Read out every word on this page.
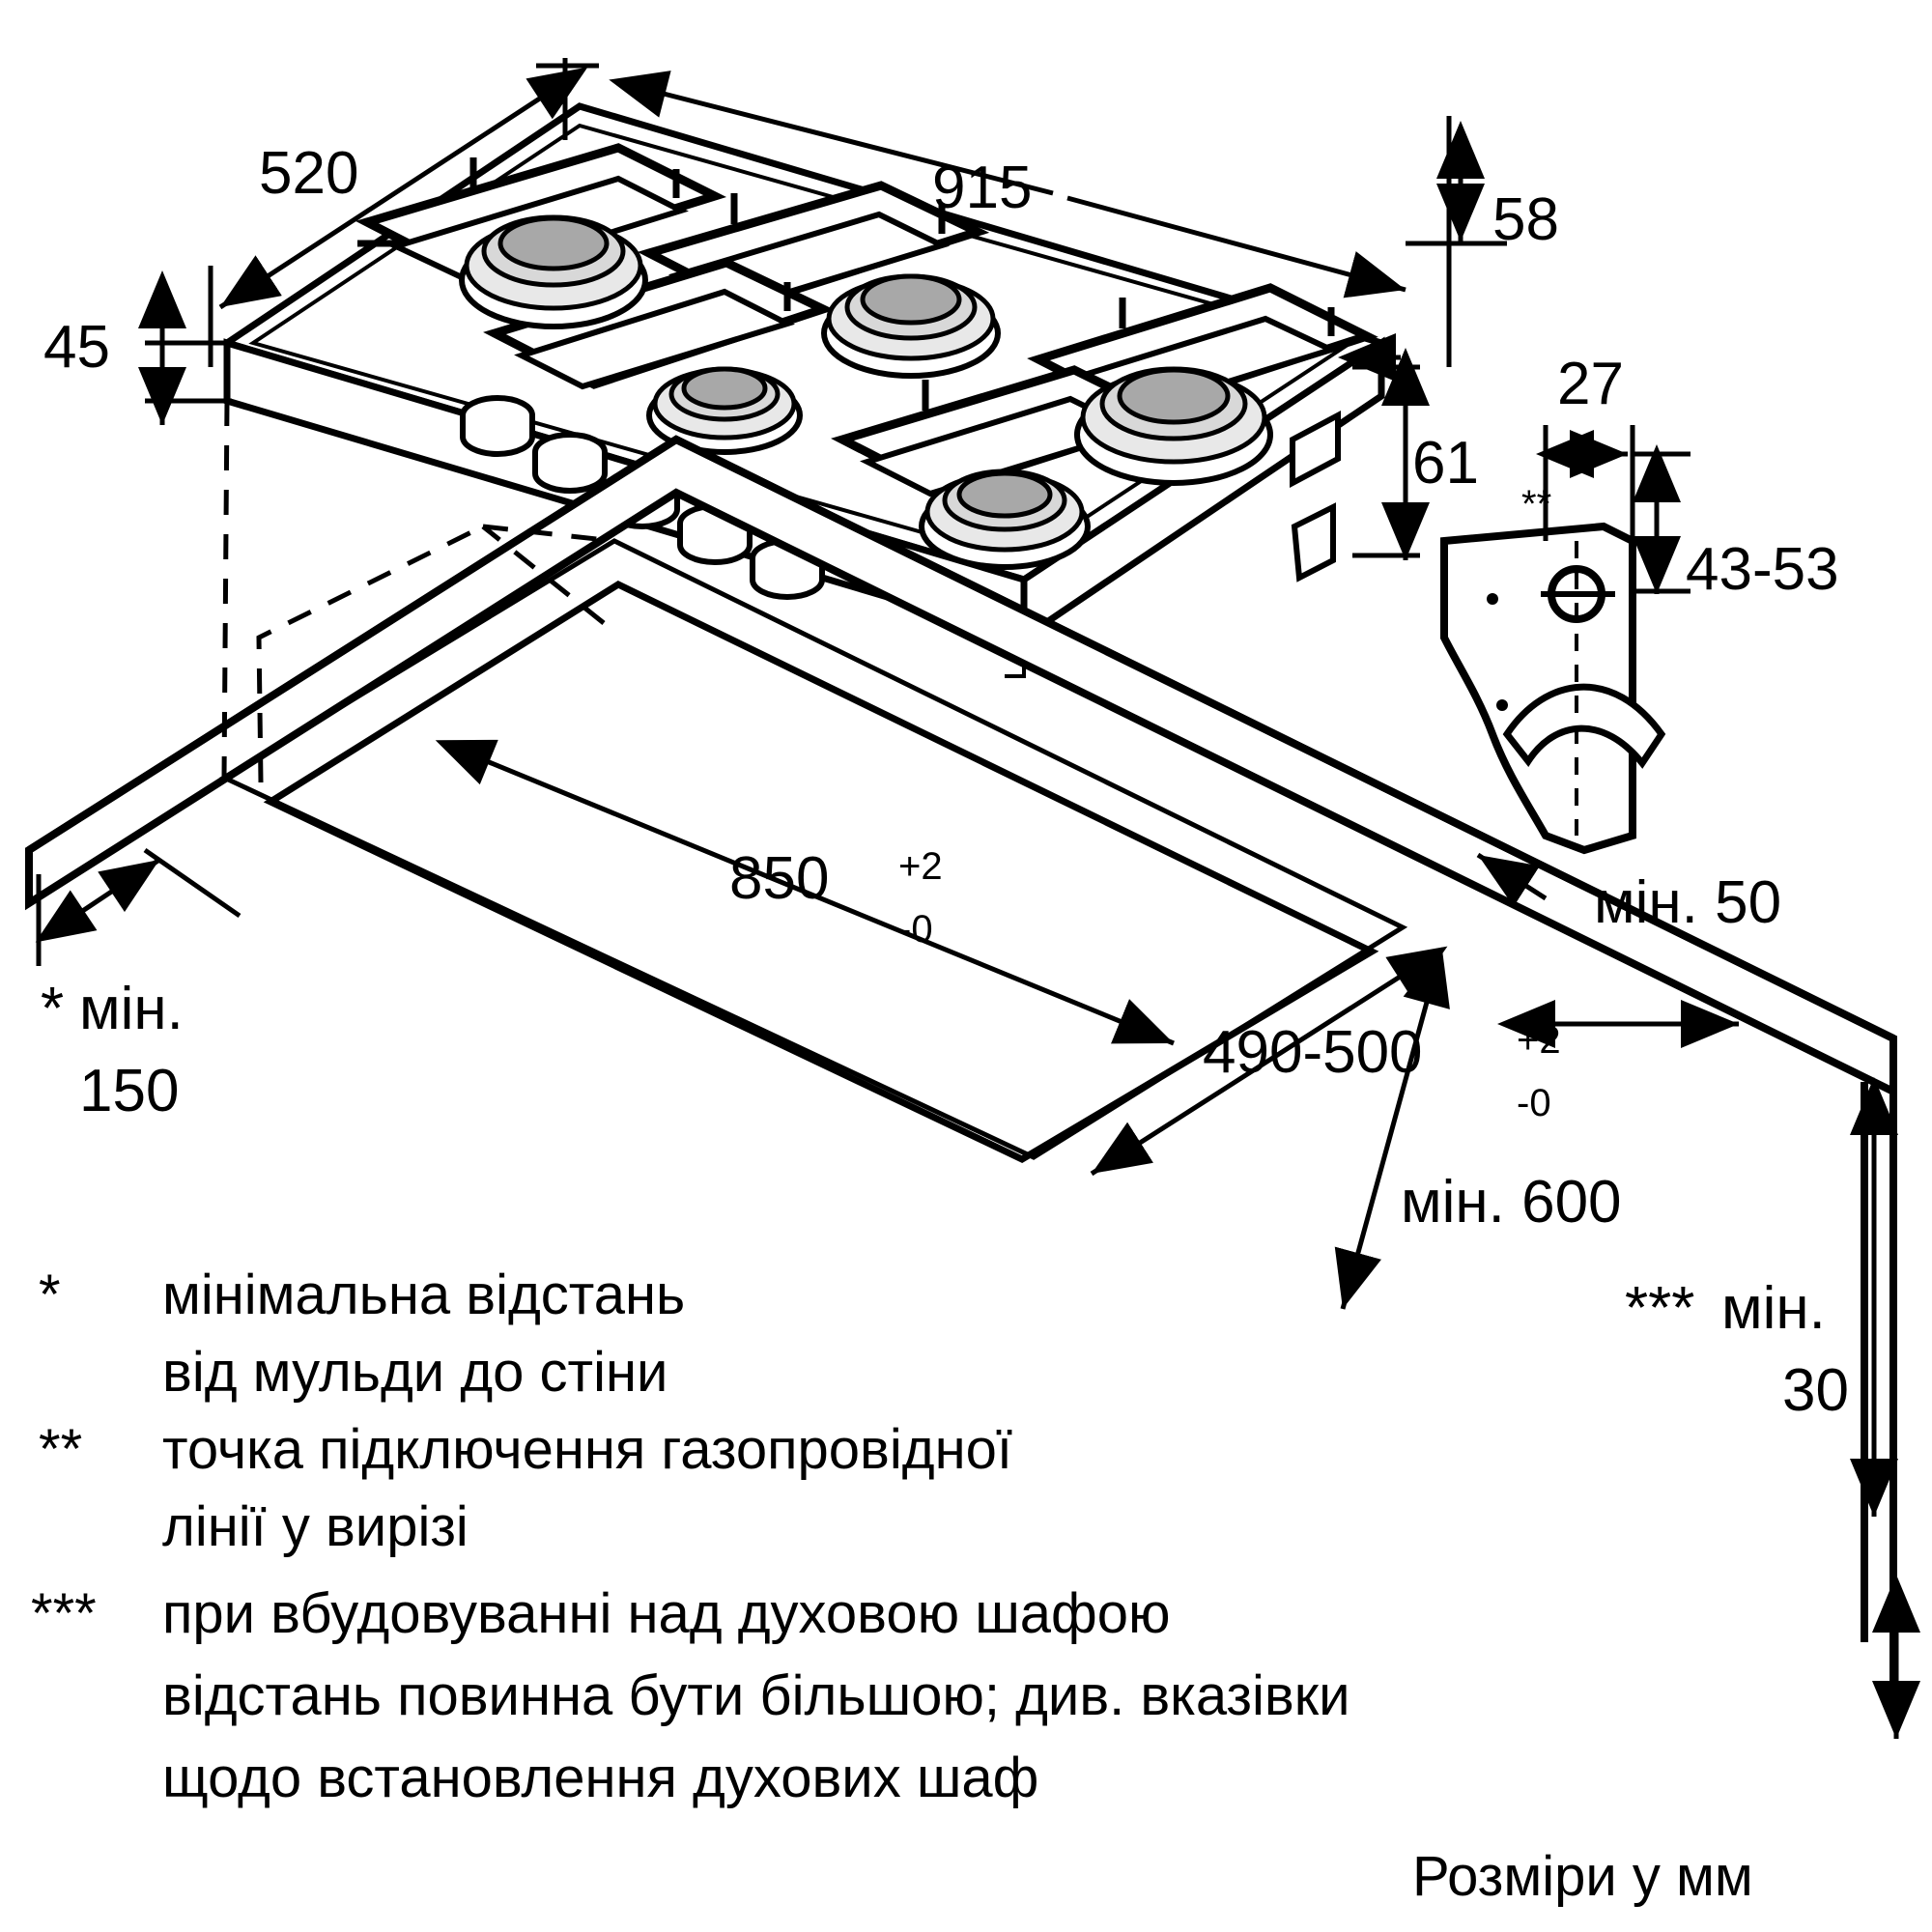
520	915	58
45
61
27
**
43-53
850 +2
-0
490-500 +2
-0
мін. 50
мін. 600
* мін.
150
*** мін.
30
* мінімальна відстань
від мульди до стіни
** точка підключення газопровідної
лінії у вирізі
*** при вбудовуванні над духовою шафою
відстань повинна бути більшою; див. вказівки
щодо встановлення духових шаф
Розміри у мм
